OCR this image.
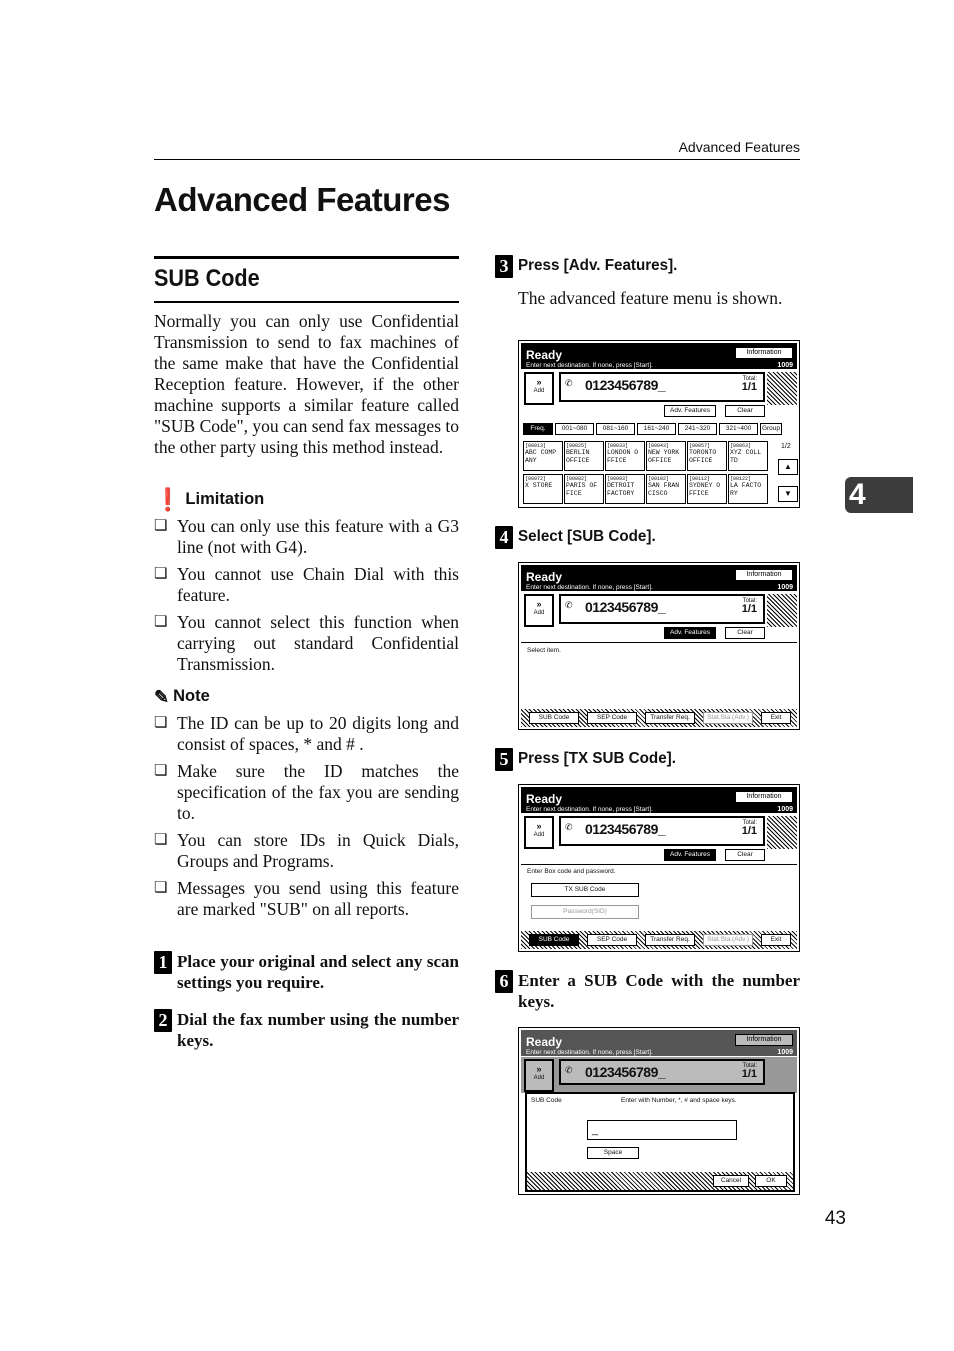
Advanced Features
Advanced Features
SUB Code
Normally you can only use Confidential Transmission to send to fax machines of the same make that have the Confidential Reception feature. However, if the other machine supports a similar feature called "SUB Code", you can send fax messages to the other party using this method instead.
❗ Limitation
❏ You can only use this feature with a G3 line (not with G4).
❏ You cannot use Chain Dial with this feature.
❏ You cannot select this function when carrying out standard Confidential Transmission.
✎ Note
❏ The ID can be up to 20 digits long and consist of spaces, * and # .
❏ Make sure the ID matches the specification of the fax you are sending to.
❏ You can store IDs in Quick Dials, Groups and Programs.
❏ Messages you send using this feature are marked "SUB" on all reports.
1 Place your original and select any scan settings you require.
2 Dial the fax number using the number keys.
3 Press [Adv. Features].
The advanced feature menu is shown.
Ready
Enter next destination. If none, press [Start].	1009
Information
»
Add
✆ 0123456789_	Total:
1/1
Adv. Features	Clear
Freq.	001~080	081~160	161~240	241~320	321~400	Group
[00013]
ABC COMP
ANY
[00025]
BERLIN
OFFICE
[00033]
LONDON O
FFICE
[00043]
NEW YORK
OFFICE
[00057]
TORONTO
OFFICE
[00063]
XYZ COLL
TD
[00072]
X STORE
[00082]
PARIS OF
FICE
[00093]
DETROIT
FACTORY
[00102]
SAN FRAN
CISCO
[00112]
SYDNEY O
FFICE
[00122]
LA FACTO
RY
1/2
▲
▼
4 Select [SUB Code].
Ready
Enter next destination. If none, press [Start].	1009
Information
»
Add
✆ 0123456789_	Total:
1/1
Adv. Features	Clear
Select item.
SUB Code	SEP Code	Transfer Req.	Stat.Sta.(Adv.)	Exit
5 Press [TX SUB Code].
Ready
Enter next destination. If none, press [Start].	1009
Information
»
Add
✆ 0123456789_	Total:
1/1
Adv. Features	Clear
Enter Box code and password.
TX SUB Code
Password(SID)
SUB Code	SEP Code	Transfer Req.	Stat.Sta.(Adv.)	Exit
6 Enter a SUB Code with the number keys.
Ready
Enter next destination. If none, press [Start].	1009
Information
»
Add
✆ 0123456789_	Total:
1/1
SUB Code	Enter with Number, *, # and space keys.
_
Space
Cancel	OK
4
43
